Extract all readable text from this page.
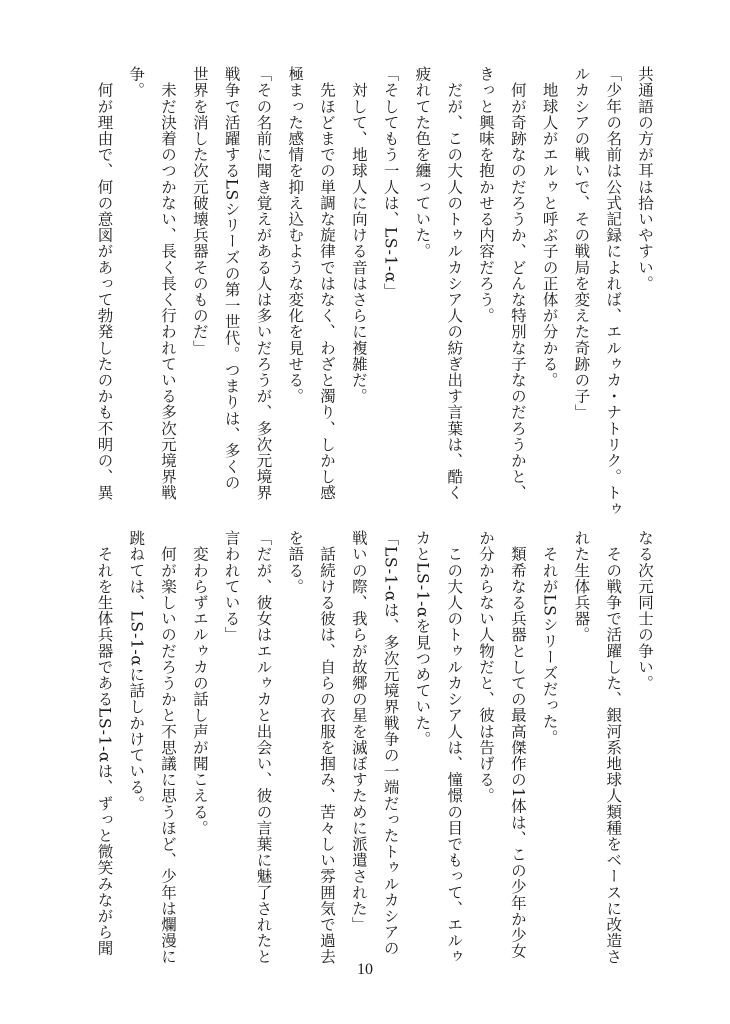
共通語の方が耳は拾いやすい。
「少年の名前は公式記録によれば、エルゥカ・ナトリク。トゥ
ルカシアの戦いで、その戦局を変えた奇跡の子」
　地球人がエルゥと呼ぶ子の正体が分かる。
　何が奇跡なのだろうか、どんな特別な子なのだろうかと、
きっと興味を抱かせる内容だろう。
　だが、この大人のトゥルカシア人の紡ぎ出す言葉は、酷く
疲れてた色を纏っていた。
「そしてもう一人は、LS-1-α」
　対して、地球人に向ける音はさらに複雑だ。
　先ほどまでの単調な旋律ではなく、わざと濁り、しかし感
極まった感情を抑え込むような変化を見せる。
「その名前に聞き覚えがある人は多いだろうが、多次元境界
戦争で活躍するLSシリーズの第一世代。つまりは、多くの
世界を消した次元破壊兵器そのものだ」
　未だ決着のつかない、長く長く行われている多次元境界戦
争。
　何が理由で、何の意図があって勃発したのかも不明の、異
なる次元同士の争い。
　その戦争で活躍した、銀河系地球人類種をベースに改造さ
れた生体兵器。
　それがLSシリーズだった。
　類希なる兵器としての最高傑作の1体は、この少年か少女
か分からない人物だと、彼は告げる。
　この大人のトゥルカシア人は、憧憬の目でもって、エルゥ
カとLS-1-αを見つめていた。
「LS-1-αは、多次元境界戦争の一端だったトゥルカシアの
戦いの際、我らが故郷の星を滅ぼすために派遣された」
　話続ける彼は、自らの衣服を掴み、苦々しい雰囲気で過去
を語る。
「だが、彼女はエルゥカと出会い、彼の言葉に魅了されたと
言われている」
　変わらずエルゥカの話し声が聞こえる。
　何が楽しいのだろうかと不思議に思うほど、少年は爛漫に
跳ねては、LS-1-αに話しかけている。
　それを生体兵器であるLS-1-αは、ずっと微笑みながら聞
10
